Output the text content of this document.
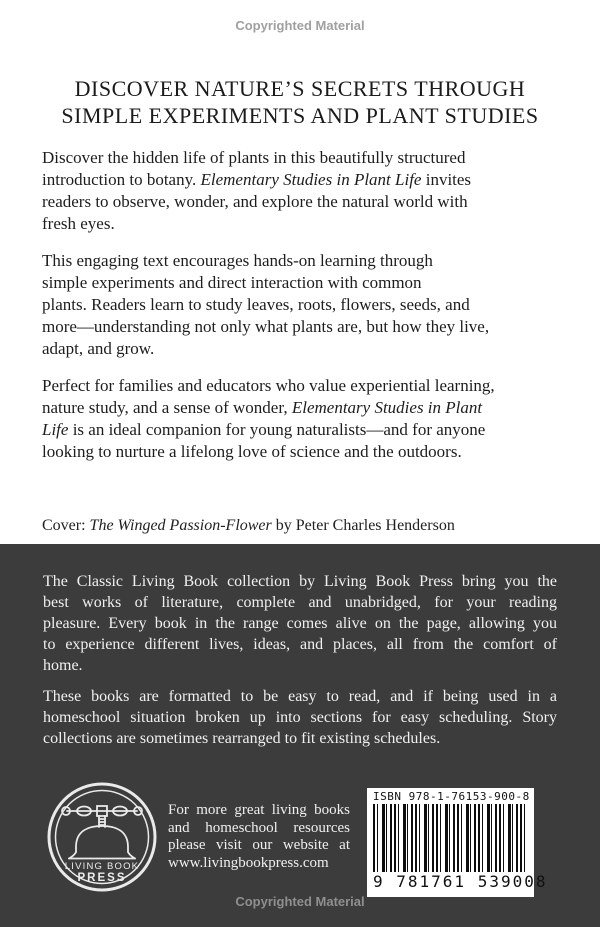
Copyrighted Material
DISCOVER NATURE’S SECRETS THROUGH
SIMPLE EXPERIMENTS AND PLANT STUDIES
Discover the hidden life of plants in this beautifully structured
introduction to botany. Elementary Studies in Plant Life invites
readers to observe, wonder, and explore the natural world with
fresh eyes.
This engaging text encourages hands-on learning through
simple experiments and direct interaction with common
plants. Readers learn to study leaves, roots, flowers, seeds, and
more—understanding not only what plants are, but how they live,
adapt, and grow.
Perfect for families and educators who value experiential learning,
nature study, and a sense of wonder, Elementary Studies in Plant
Life is an ideal companion for young naturalists—and for anyone
looking to nurture a lifelong love of science and the outdoors.
Cover: The Winged Passion-Flower by Peter Charles Henderson
The Classic Living Book collection by Living Book Press bring you the
best works of literature, complete and unabridged, for your reading
pleasure. Every book in the range comes alive on the page, allowing you
to experience different lives, ideas, and places, all from the comfort of
home.
These books are formatted to be easy to read, and if being used in a
homeschool situation broken up into sections for easy scheduling. Story
collections are sometimes rearranged to fit existing schedules.
LIVING BOOK
PRESS
For more great living books
and homeschool resources
please visit our website at
www.livingbookpress.com
ISBN 978-1-76153-900-8
9 781761 539008
Copyrighted Material
